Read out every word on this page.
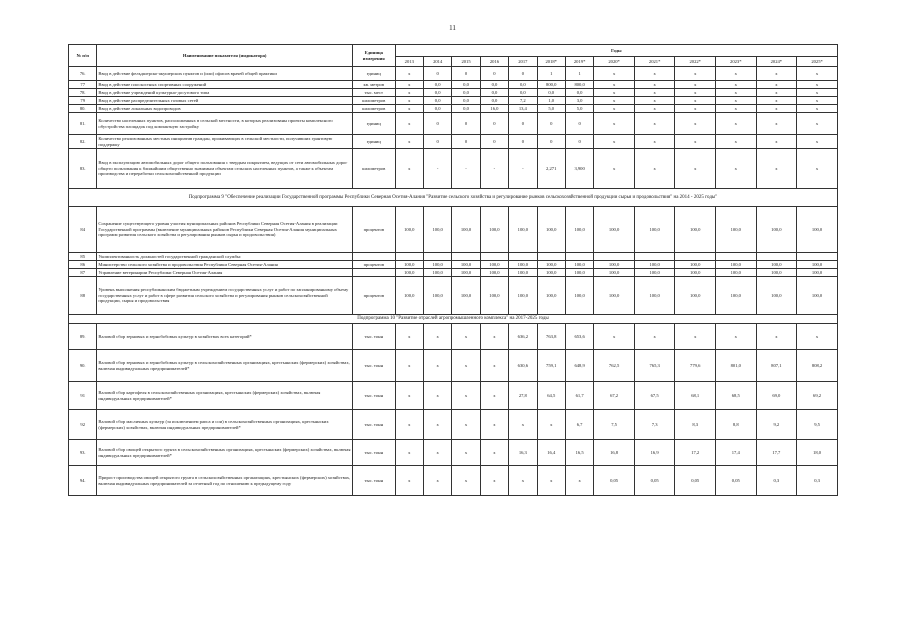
11
№ п/п	Наименование показателя (индикатора)	Единица измерения	Годы												
			2013	2014	2015	2016	2017	2018*	2019*	2020*	2021*	2022*	2023*	2024*	2025*
76.	Ввод в действие фельдшерско-акушерских пунктов и (или) офисов врачей общей практики	единиц	x	0	0	0	0	1	1	x	x	x	x	x	x
77	Ввод в действие плоскостных спортивных сооружений	кв. метров	x	0,0	0,0	0,0	0,0	800,0	800,0	x	x	x	x	x	x
78.	Ввод в действие учреждений культурно-досугового типа	тыс. мест	x	0,0	0,0	0,0	0,0	0,0	0,0	x	x	x	x	x	x
79	Ввод в действие распределительных газовых сетей	километров	x	0,0	0,0	0,0	7,2	1,0	3,0	x	x	x	x	x	x
80.	Ввод в действие локальных водопроводов	километров	x	0,0	0,0	16,0	13,4	5,0	5,0	x	x	x	x	x	x
81.	Количество населенных пунктов, расположенных в сельской местности, в которых реализованы проекты комплексного обустройства площадок под компактную застройку	единиц	x	0	0	0	0	0	0	x	x	x	x	x	x
82.	Количество реализованных местных инициатив граждан, проживающих в сельской местности, получивших грантовую поддержку	единиц	x	0	0	0	0	0	0	x	x	x	x	x	x
83.	Ввод в эксплуатацию автомобильных дорог общего пользования с твердым покрытием, ведущих от сети автомобильных дорог общего пользования к ближайшим общественно значимым объектам сельских населенных пунктов, а также к объектам производства и переработки сельскохозяйственной продукции	километров	x	-	-	-	-	2,271	3,900	x	x	x	x	x	x
Подпрограмма 9 "Обеспечение реализации Государственной программы Республики Северная Осетия-Алания "Развитие сельского хозяйства и регулирование рынков сельскохозяйственной продукции сырья и продовольствия" на 2014 - 2025 годы"															
84	Сохранение существующего уровня участия муниципальных районов Республики Северная Осетия-Алания в реализации Государственной программы (включение муниципальных районов Республики Северная Осетия-Алания муниципальных программ развития сельского хозяйства и регулирования рынков сырья и продовольствия)	процентов	100,0	100,0	100,0	100,0	100,0	100,0	100,0	100,0	100,0	100,0	100,0	100,0	100,0
85	Укомплектованность должностей государственной гражданской службы:														
86	Министерство сельского хозяйства и продовольствия Республики Северная Осетия-Алания	процентов	100,0	100,0	100,0	100,0	100,0	100,0	100,0	100,0	100,0	100,0	100,0	100,0	100,0
87	Управление ветеринарии Республики Северная Осетия-Алания		100,0	100,0	100,0	100,0	100,0	100,0	100,0	100,0	100,0	100,0	100,0	100,0	100,0
88	Уровень выполнения республиканским бюджетным учреждением государственных услуг и работ по запланированному объему государственных услуг и работ в сфере развития сельского хозяйства и регулирования рынков сельскохозяйственной продукции, сырья и продовольствия	процентов	100,0	100,0	100,0	100,0	100,0	100,0	100,0	100,0	100,0	100,0	100,0	100,0	100,0
Подпрограмма 10 "Развитие отраслей агропромышленного комплекса" на 2017-2025 годы															
89.	Валовой сбор зерновых и зернобобовых культур в хозяйствах всех категорий*	тыс. тонн	x	x	x	x	636,2	763,8	653,6	x	x	x	x	x	x
90.	Валовой сбор зерновых и зернобобовых культур в сельскохозяйственных организациях, крестьянских (фермерских) хозяйствах, включая индивидуальных предпринимателей*	тыс. тонн	x	x	x	x	630,6	759,1	648,9	762,5	765,3	779,6	801,0	807,1	808,2
91	Валовой сбор картофеля в сельскохозяйственных организациях, крестьянских (фермерских) хозяйствах, включая индивидуальных предпринимателей*	тыс. тонн	x	x	x	x	27,8	64,5	61,7	67,2	67,5	68,1	68,5	69,0	69,2
92	Валовой сбор масличных культур (за исключением рапса и сои) в сельскохозяйственных организациях, крестьянских (фермерских) хозяйствах, включая индивидуальных предпринимателей*	тыс. тонн	x	x	x	x	x	x	6,7	7,5	7,3	8,3	8,8	9,2	9,5
93.	Валовой сбор овощей открытого грунта в сельскохозяйственных организациях, крестьянских (фермерских) хозяйствах, включая индивидуальных предпринимателей*	тыс. тонн	x	x	x	x	16,3	16,4	16,5	16,8	16,9	17,2	17,4	17,7	18,0
94.	Прирост производства овощей открытого грунта в сельскохозяйственных организациях, крестьянских (фермерских) хозяйствах, включая индивидуальных предпринимателей за отчетный год по отношению к предыдущему году	тыс. тонн	x	x	x	x	x	x	x	0,05	0,05	0,05	0,05	0,3	0,3
